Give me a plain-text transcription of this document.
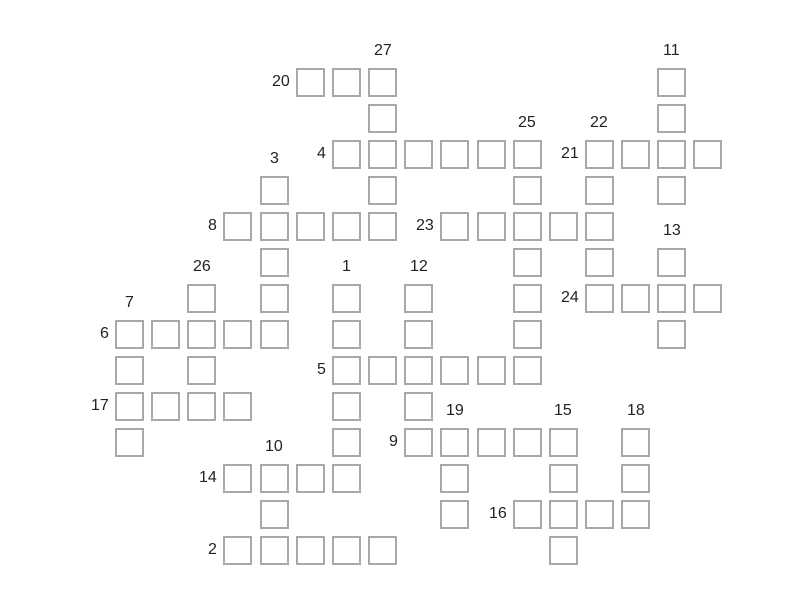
27	11
20
25	22
4	21
3
8	23	13
26	1	12
24
7
6
5
17	19	15	18
9
10
14
16
2
